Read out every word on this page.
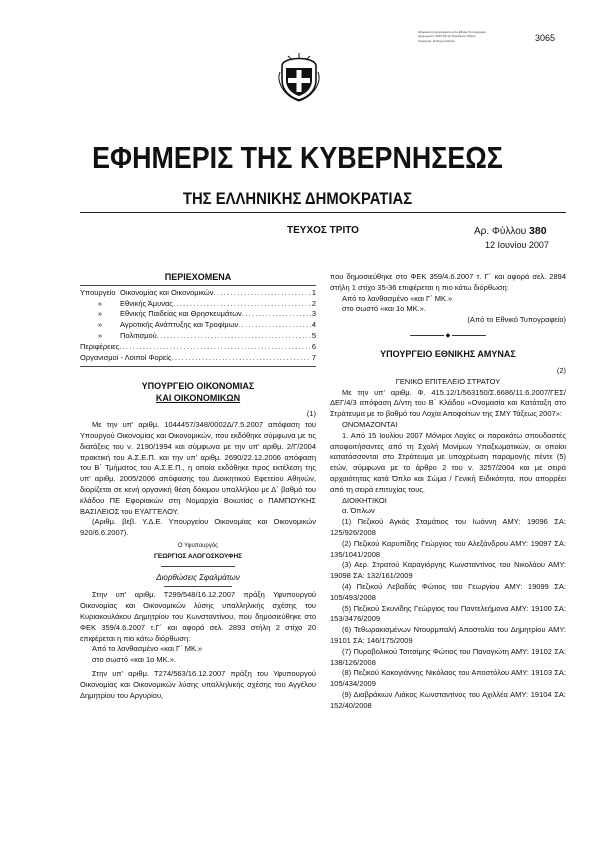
3065
Ψηφιακά υπογεγραμμένο από Εθνικό Τυπογραφείο Ημερομηνία: 2007.06.12 Τοποθεσία: Αθήνα Αιτιολογία: Επίσημη έκδοση
ΕΦΗΜΕΡΙΣ ΤΗΣ ΚΥΒΕΡΝΗΣΕΩΣ
ΤΗΣ ΕΛΛΗΝΙΚΗΣ ΔΗΜΟΚΡΑΤΙΑΣ
ΤΕΥΧΟΣ ΤΡΙΤΟ	Αρ. Φύλλου 380
12 Ιουνίου 2007
ΠΕΡΙΕΧΟΜΕΝΑ
Υπουργείο Οικονομίας και Οικονομικών .....	1
»	Εθνικής Άμυνας .....	2
»	Εθνικής Παιδείας και Θρησκευμάτων .....	3
»	Αγροτικής Ανάπτυξης και Τροφίμων .....	4
»	Πολιτισμού .....	5
Περιφέρειες .....	6
Οργανισμοί - Λοιποί Φορείς .....	7
ΥΠΟΥΡΓΕΙΟ ΟΙΚΟΝΟΜΙΑΣ
ΚΑΙ ΟΙΚΟΝΟΜΙΚΩΝ
(1)

Με την υπ' αριθμ. 1044457/348/0002Δ/7.5.2007 απόφαση του Υπουργού Οικονομίας και Οικονομικών, που εκδόθηκε σύμφωνα με τις διατάξεις του ν. 2190/1994 και σύμφωνα με την υπ' αριθμ. 2/Γ/2004 πρακτική του Α.Σ.Ε.Π. και την υπ' αριθμ. 2690/22.12.2006 απόφαση του Β΄ Τμήματος του Α.Σ.Ε.Π., η οποία εκδόθηκε προς εκτέλεση της υπ' αριθμ. 2005/2006 απόφασης του Διοικητικού Εφετείου Αθηνών, διορίζεται σε κενή οργανική θέση δόκιμου υπαλλήλου με Δ΄ βαθμό του κλάδου ΠΕ Εφοριακών στη Νομαρχία Βοιωτίας ο ΠΑΜΠΟΥΚΗΣ ΒΑΣΙΛΕΙΟΣ του ΕΥΑΓΓΕΛΟΥ.

(Αριθμ. βεβ. Υ.Δ.Ε. Υπουργείου Οικονομίας και Οικονομικών 920/6.6.2007).

Ο Υφυπουργός
ΓΕΩΡΓΙΟΣ ΑΛΟΓΟΣΚΟΥΦΗΣ
Διορθώσεις Σφαλμάτων

Στην υπ' αριθμ. Τ299/548/16.12.2007 πράξη Υφυπουργού Οικονομίας και Οικονομικών λύσης υπαλληλικής σχέσης του Κυριακουλάκου Δημητρίου του Κωνσταντίνου, που δημοσιεύθηκε στο ΦΕΚ 359/4.6.2007 τ.Γ΄ και αφορά σελ. 2893 στήλη 2 στίχο 20 επιφέρεται η πιο κάτω διόρθωση:

Από το λανθασμένο «και Γ΄ ΜΚ.»

στο σωστό «και 1ο ΜΚ.».

Στην υπ' αριθμ. Τ274/563/16.12.2007 πράξη του Υφυπουργού Οικονομίας και Οικονομικών λύσης υπαλληλικής σχέσης του Αγγέλου Δημητρίου του Αργυρίου,

που δημοσιεύθηκε στο ΦΕΚ 359/4.6.2007 τ. Γ΄ και αφορά σελ. 2894 στήλη 1 στίχο 35-36 επιφέρεται η πιο κάτω διόρθωση:

Από το λανθασμένο «και Γ΄ ΜΚ.»

στο σωστό «και 1ο ΜΚ.».

(Από το Εθνικό Τυπογραφείο)
◆
ΥΠΟΥΡΓΕΙΟ ΕΘΝΙΚΗΣ ΑΜΥΝΑΣ
(2)
ΓΕΝΙΚΟ ΕΠΙΤΕΛΕΙΟ ΣΤΡΑΤΟΥ

Με την υπ' αριθμ. Φ. 415.12/1/563150/Σ.6686/11.6.2007/ΓΕΣ/ΔΕΓ/4/3 απόφαση Δ/ντη του Β΄ Κλάδου «Ονομασία και Κατάταξη στο Στράτευμα με το βαθμό του Λοχία Αποφοίτων της ΣΜΥ Τάξεως 2007»:

ΟΝΟΜΑΖΟΝΤΑΙ

1. Από 15 Ιουλίου 2007 Μόνιμοι Λοχίες οι παρακάτω σπουδαστές αποφοιτήσαντες από τη Σχολή Μονίμων Υπαξιωματικών, οι οποίοι κατατάσσονται στο Στράτευμα με υποχρέωση παραμονής πέντε (5) ετών, σύμφωνα με το άρθρο 2 του ν. 3257/2004 και με σειρά αρχαιότητας κατά Όπλο και Σώμα / Γενική Ειδικότητα, που απορρέει από τη σειρά επιτυχίας τους.

ΔΙΟΙΚΗΤΙΚΟΙ

α. Όπλων

(1) Πεζικού Αγκάς Σταμάτιος του Ιωάννη ΑΜΥ: 19096 ΣΑ: 125/926/2008

(2) Πεζικού Καρυπίδης Γεώργιος του Αλεξάνδρου ΑΜΥ: 19097 ΣΑ: 135/1041/2008

(3) Αερ. Στρατού Καραγιόργης Κωνσταντίνος του Νικολάου ΑΜΥ: 19098 ΣΑ: 132/161/2009

(4) Πεζικού Λεβαδάς Φώτιος του Γεωργίου ΑΜΥ: 19099 ΣΑ: 105/493/2008

(5) Πεζικού Σκυνίδης Γεώργιος του Παντελεήμονα ΑΜΥ: 19100 ΣΑ: 153/3476/2009

(6) Τεθωρακισμένων Ντουρμπαλή Αποστολία του Δημητρίου ΑΜΥ: 19101 ΣΑ: 146/175/2009

(7) Πυροβολικού Τσιτσίμης Φώτιος του Παναγιώτη ΑΜΥ: 19102 ΣΑ: 138/126/2008

(8) Πεζικού Κακογιάννης Νικόλαος του Αποστόλου ΑΜΥ: 19103 ΣΑ: 105/434/2009

(9) Διαβράκιων Λιάκος Κωνσταντίνος του Αχιλλέα ΑΜΥ: 19104 ΣΑ: 152/40/2008
